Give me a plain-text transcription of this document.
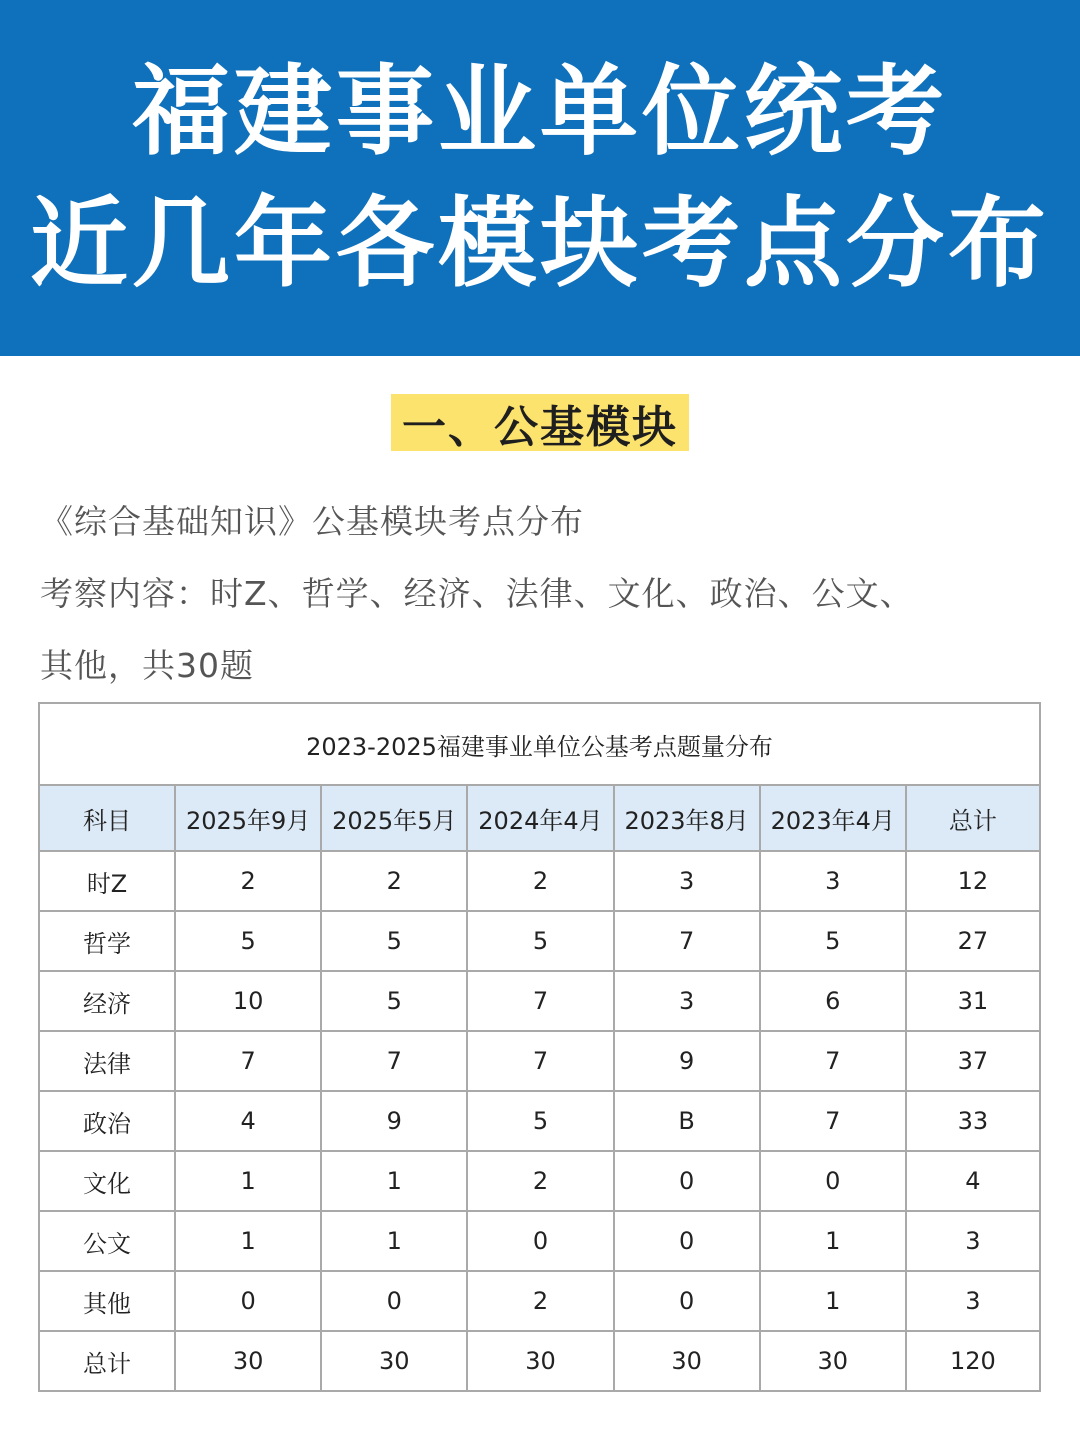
福建事业单位统考
近几年各模块考点分布
一、公基模块

《综合基础知识》公基模块考点分布

考察内容：时Z、哲学、经济、法律、文化、政治、公文、

其他，共30题

2023-2025福建事业单位公基考点题量分布						
科目	2025年9月	2025年5月	2024年4月	2023年8月	2023年4月	总计
时Z	2	2	2	3	3	12
哲学	5	5	5	7	5	27
经济	10	5	7	3	6	31
法律	7	7	7	9	7	37
政治	4	9	5	B	7	33
文化	1	1	2	0	0	4
公文	1	1	0	0	1	3
其他	0	0	2	0	1	3
总计	30	30	30	30	30	120
